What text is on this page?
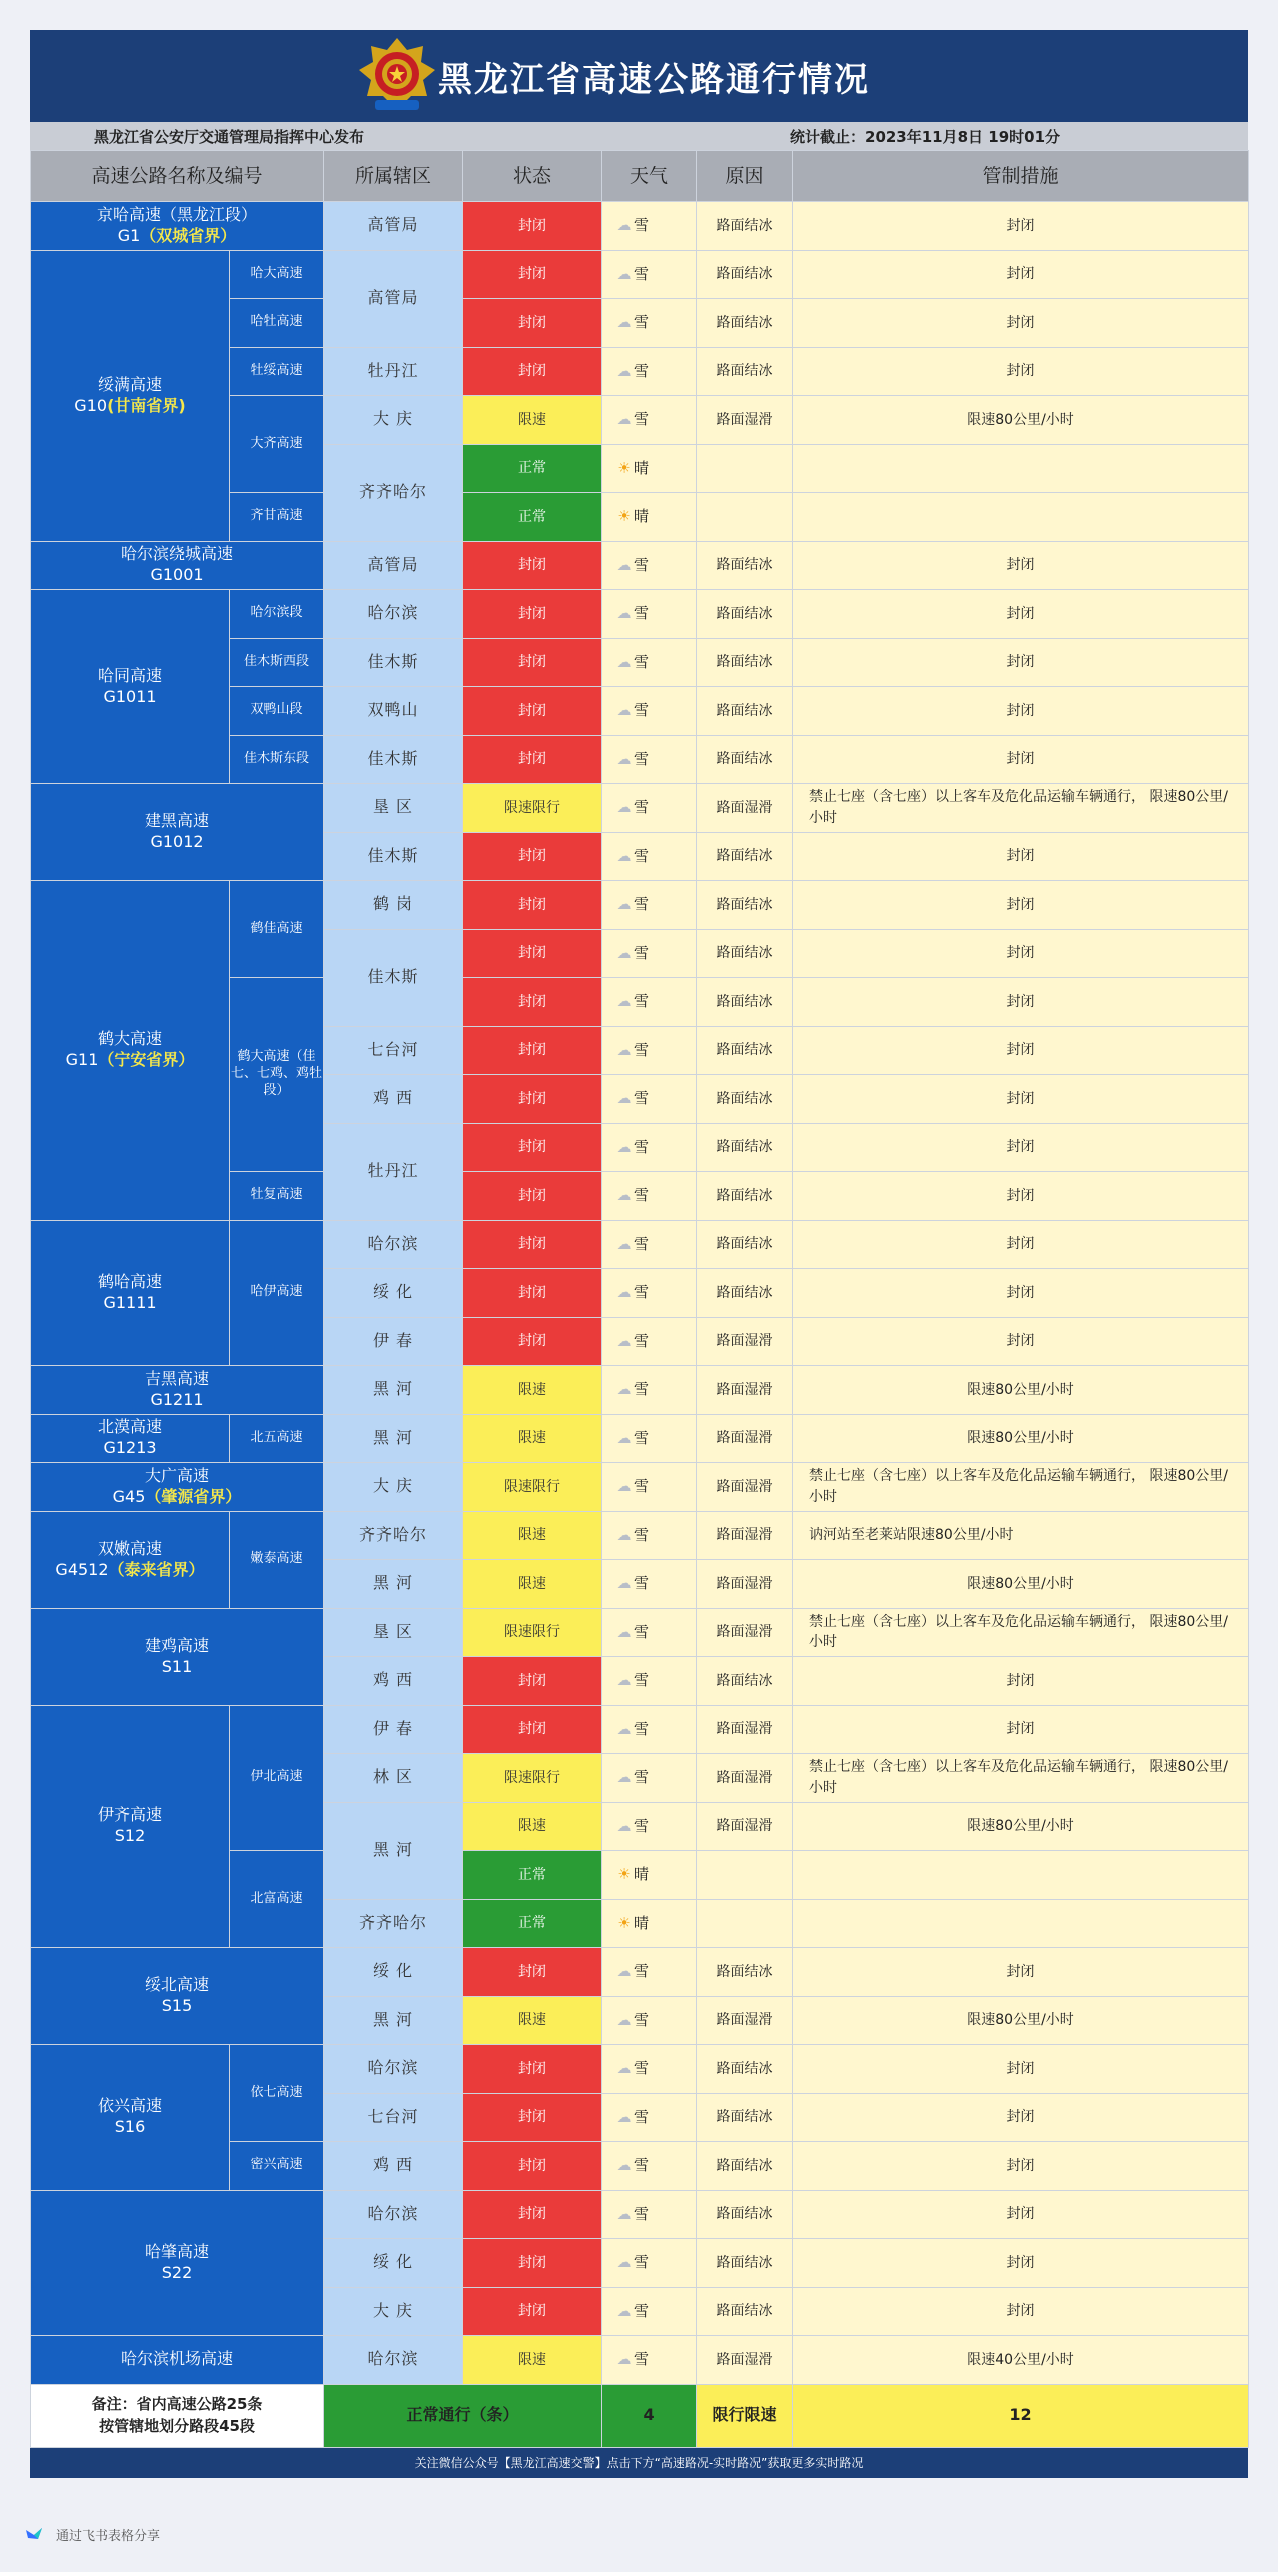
黑龙江省高速公路通行情况
黑龙江省公安厅交通管理局指挥中心发布	统计截止：2023年11月8日 19时01分
高速公路名称及编号		所属辖区	状态	天气	原因	管制措施	

京哈高速（黑龙江段）
G1（双城省界）		高管局	封闭	☁ 雪	路面结冰	封闭	

绥满高速
G10(甘南省界)	哈大高速	高管局	封闭	☁ 雪	路面结冰	封闭	
	哈牡高速		封闭	☁ 雪	路面结冰	封闭	
	牡绥高速	牡丹江	封闭	☁ 雪	路面结冰	封闭	
	大齐高速	大 庆	限速	☁ 雪	路面湿滑	限速80公里/小时	
		齐齐哈尔	正常	☀ 晴			
	齐甘高速		正常	☀ 晴			

哈尔滨绕城高速
G1001		高管局	封闭	☁ 雪	路面结冰	封闭	

哈同高速
G1011	哈尔滨段	哈尔滨	封闭	☁ 雪	路面结冰	封闭	
	佳木斯西段	佳木斯	封闭	☁ 雪	路面结冰	封闭	
	双鸭山段	双鸭山	封闭	☁ 雪	路面结冰	封闭	
	佳木斯东段	佳木斯	封闭	☁ 雪	路面结冰	封闭	

建黑高速
G1012		垦 区	限速限行	☁ 雪	路面湿滑	禁止七座（含七座）以上客车及危化品运输车辆通行， 限速80公里/小时	
		佳木斯	封闭	☁ 雪	路面结冰	封闭	

鹤大高速
G11（宁安省界）	鹤佳高速	鹤 岗	封闭	☁ 雪	路面结冰	封闭	
		佳木斯	封闭	☁ 雪	路面结冰	封闭	
	鹤大高速（佳七、七鸡、鸡牡段）		封闭	☁ 雪	路面结冰	封闭	
		七台河	封闭	☁ 雪	路面结冰	封闭	
		鸡 西	封闭	☁ 雪	路面结冰	封闭	
		牡丹江	封闭	☁ 雪	路面结冰	封闭	
	牡复高速		封闭	☁ 雪	路面结冰	封闭	

鹤哈高速
G1111	哈伊高速	哈尔滨	封闭	☁ 雪	路面结冰	封闭	
		绥 化	封闭	☁ 雪	路面结冰	封闭	
		伊 春	封闭	☁ 雪	路面湿滑	封闭	

吉黑高速
G1211		黑 河	限速	☁ 雪	路面湿滑	限速80公里/小时	

北漠高速
G1213	北五高速	黑 河	限速	☁ 雪	路面湿滑	限速80公里/小时	

大广高速
G45（肇源省界）		大 庆	限速限行	☁ 雪	路面湿滑	禁止七座（含七座）以上客车及危化品运输车辆通行， 限速80公里/小时	

双嫩高速
G4512（泰来省界）	嫩泰高速	齐齐哈尔	限速	☁ 雪	路面湿滑	讷河站至老莱站限速80公里/小时	
		黑 河	限速	☁ 雪	路面湿滑	限速80公里/小时	

建鸡高速
S11		垦 区	限速限行	☁ 雪	路面湿滑	禁止七座（含七座）以上客车及危化品运输车辆通行， 限速80公里/小时	
		鸡 西	封闭	☁ 雪	路面结冰	封闭	

伊齐高速
S12	伊北高速	伊 春	封闭	☁ 雪	路面湿滑	封闭	
		林 区	限速限行	☁ 雪	路面湿滑	禁止七座（含七座）以上客车及危化品运输车辆通行， 限速80公里/小时	
		黑 河	限速	☁ 雪	路面湿滑	限速80公里/小时	
	北富高速		正常	☀ 晴			
		齐齐哈尔	正常	☀ 晴			

绥北高速
S15		绥 化	封闭	☁ 雪	路面结冰	封闭	
		黑 河	限速	☁ 雪	路面湿滑	限速80公里/小时	

依兴高速
S16	依七高速	哈尔滨	封闭	☁ 雪	路面结冰	封闭	
		七台河	封闭	☁ 雪	路面结冰	封闭	
	密兴高速	鸡 西	封闭	☁ 雪	路面结冰	封闭	

哈肇高速
S22		哈尔滨	封闭	☁ 雪	路面结冰	封闭	
		绥 化	封闭	☁ 雪	路面结冰	封闭	
		大 庆	封闭	☁ 雪	路面结冰	封闭	

哈尔滨机场高速		哈尔滨	限速	☁ 雪	路面湿滑	限速40公里/小时	

备注：省内高速公路25条
按管辖地划分路段45段		正常通行（条）		4	限行限速	12		
关注微信公众号【黑龙江高速交警】点击下方“高速路况-实时路况”获取更多实时路况
通过飞书表格分享
